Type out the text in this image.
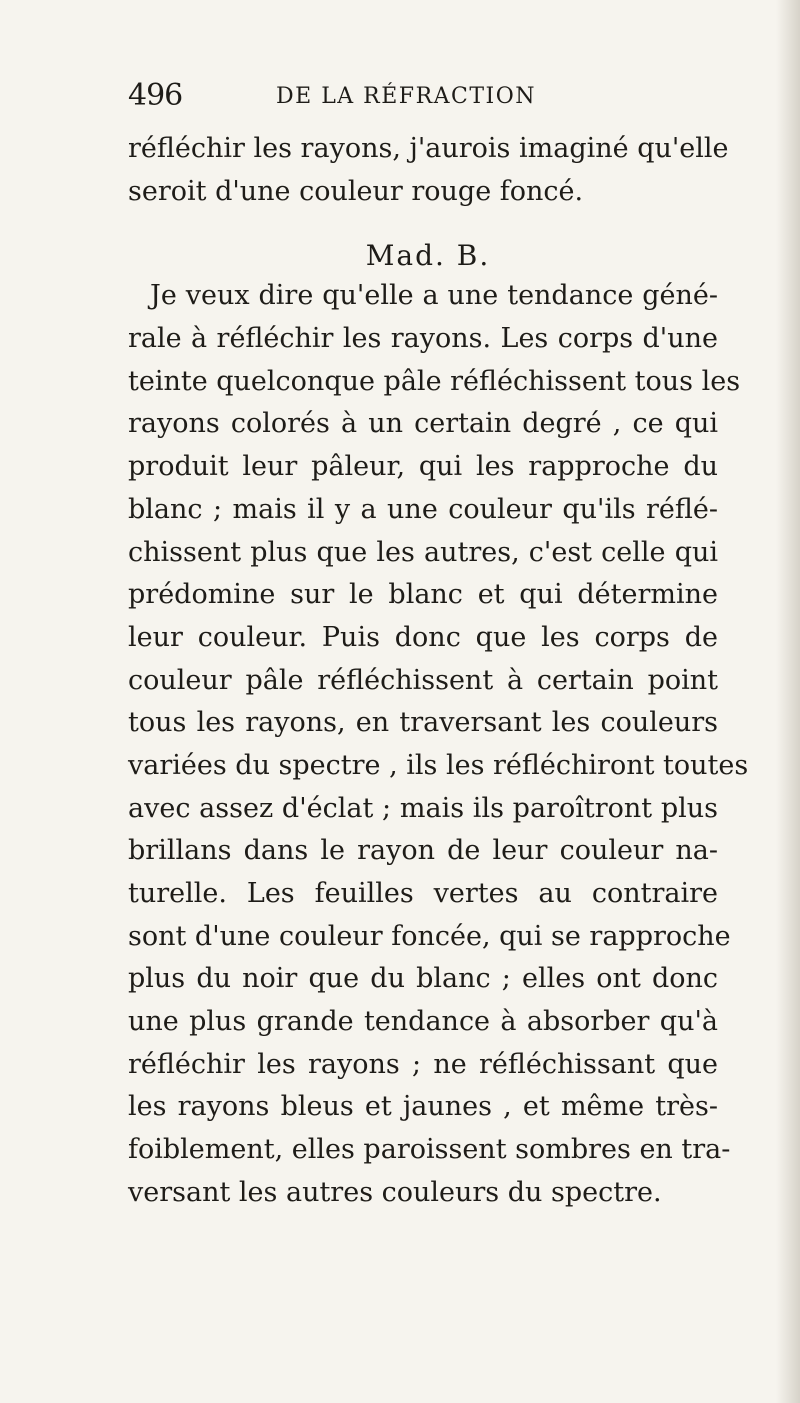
496	DE LA RÉFRACTION
réfléchir les rayons, j'aurois imaginé qu'elle
seroit d'une couleur rouge foncé.
Mad. B.
Je veux dire qu'elle a une tendance géné-
rale à réfléchir les rayons. Les corps d'une
teinte quelconque pâle réfléchissent tous les
rayons colorés à un certain degré , ce qui
produit leur pâleur, qui les rapproche du
blanc ; mais il y a une couleur qu'ils réflé-
chissent plus que les autres, c'est celle qui
prédomine sur le blanc et qui détermine
leur couleur. Puis donc que les corps de
couleur pâle réfléchissent à certain point
tous les rayons, en traversant les couleurs
variées du spectre , ils les réfléchiront toutes
avec assez d'éclat ; mais ils paroîtront plus
brillans dans le rayon de leur couleur na-
turelle. Les feuilles vertes au contraire
sont d'une couleur foncée, qui se rapproche
plus du noir que du blanc ; elles ont donc
une plus grande tendance à absorber qu'à
réfléchir les rayons ; ne réfléchissant que
les rayons bleus et jaunes , et même très-
foiblement, elles paroissent sombres en tra-
versant les autres couleurs du spectre.
